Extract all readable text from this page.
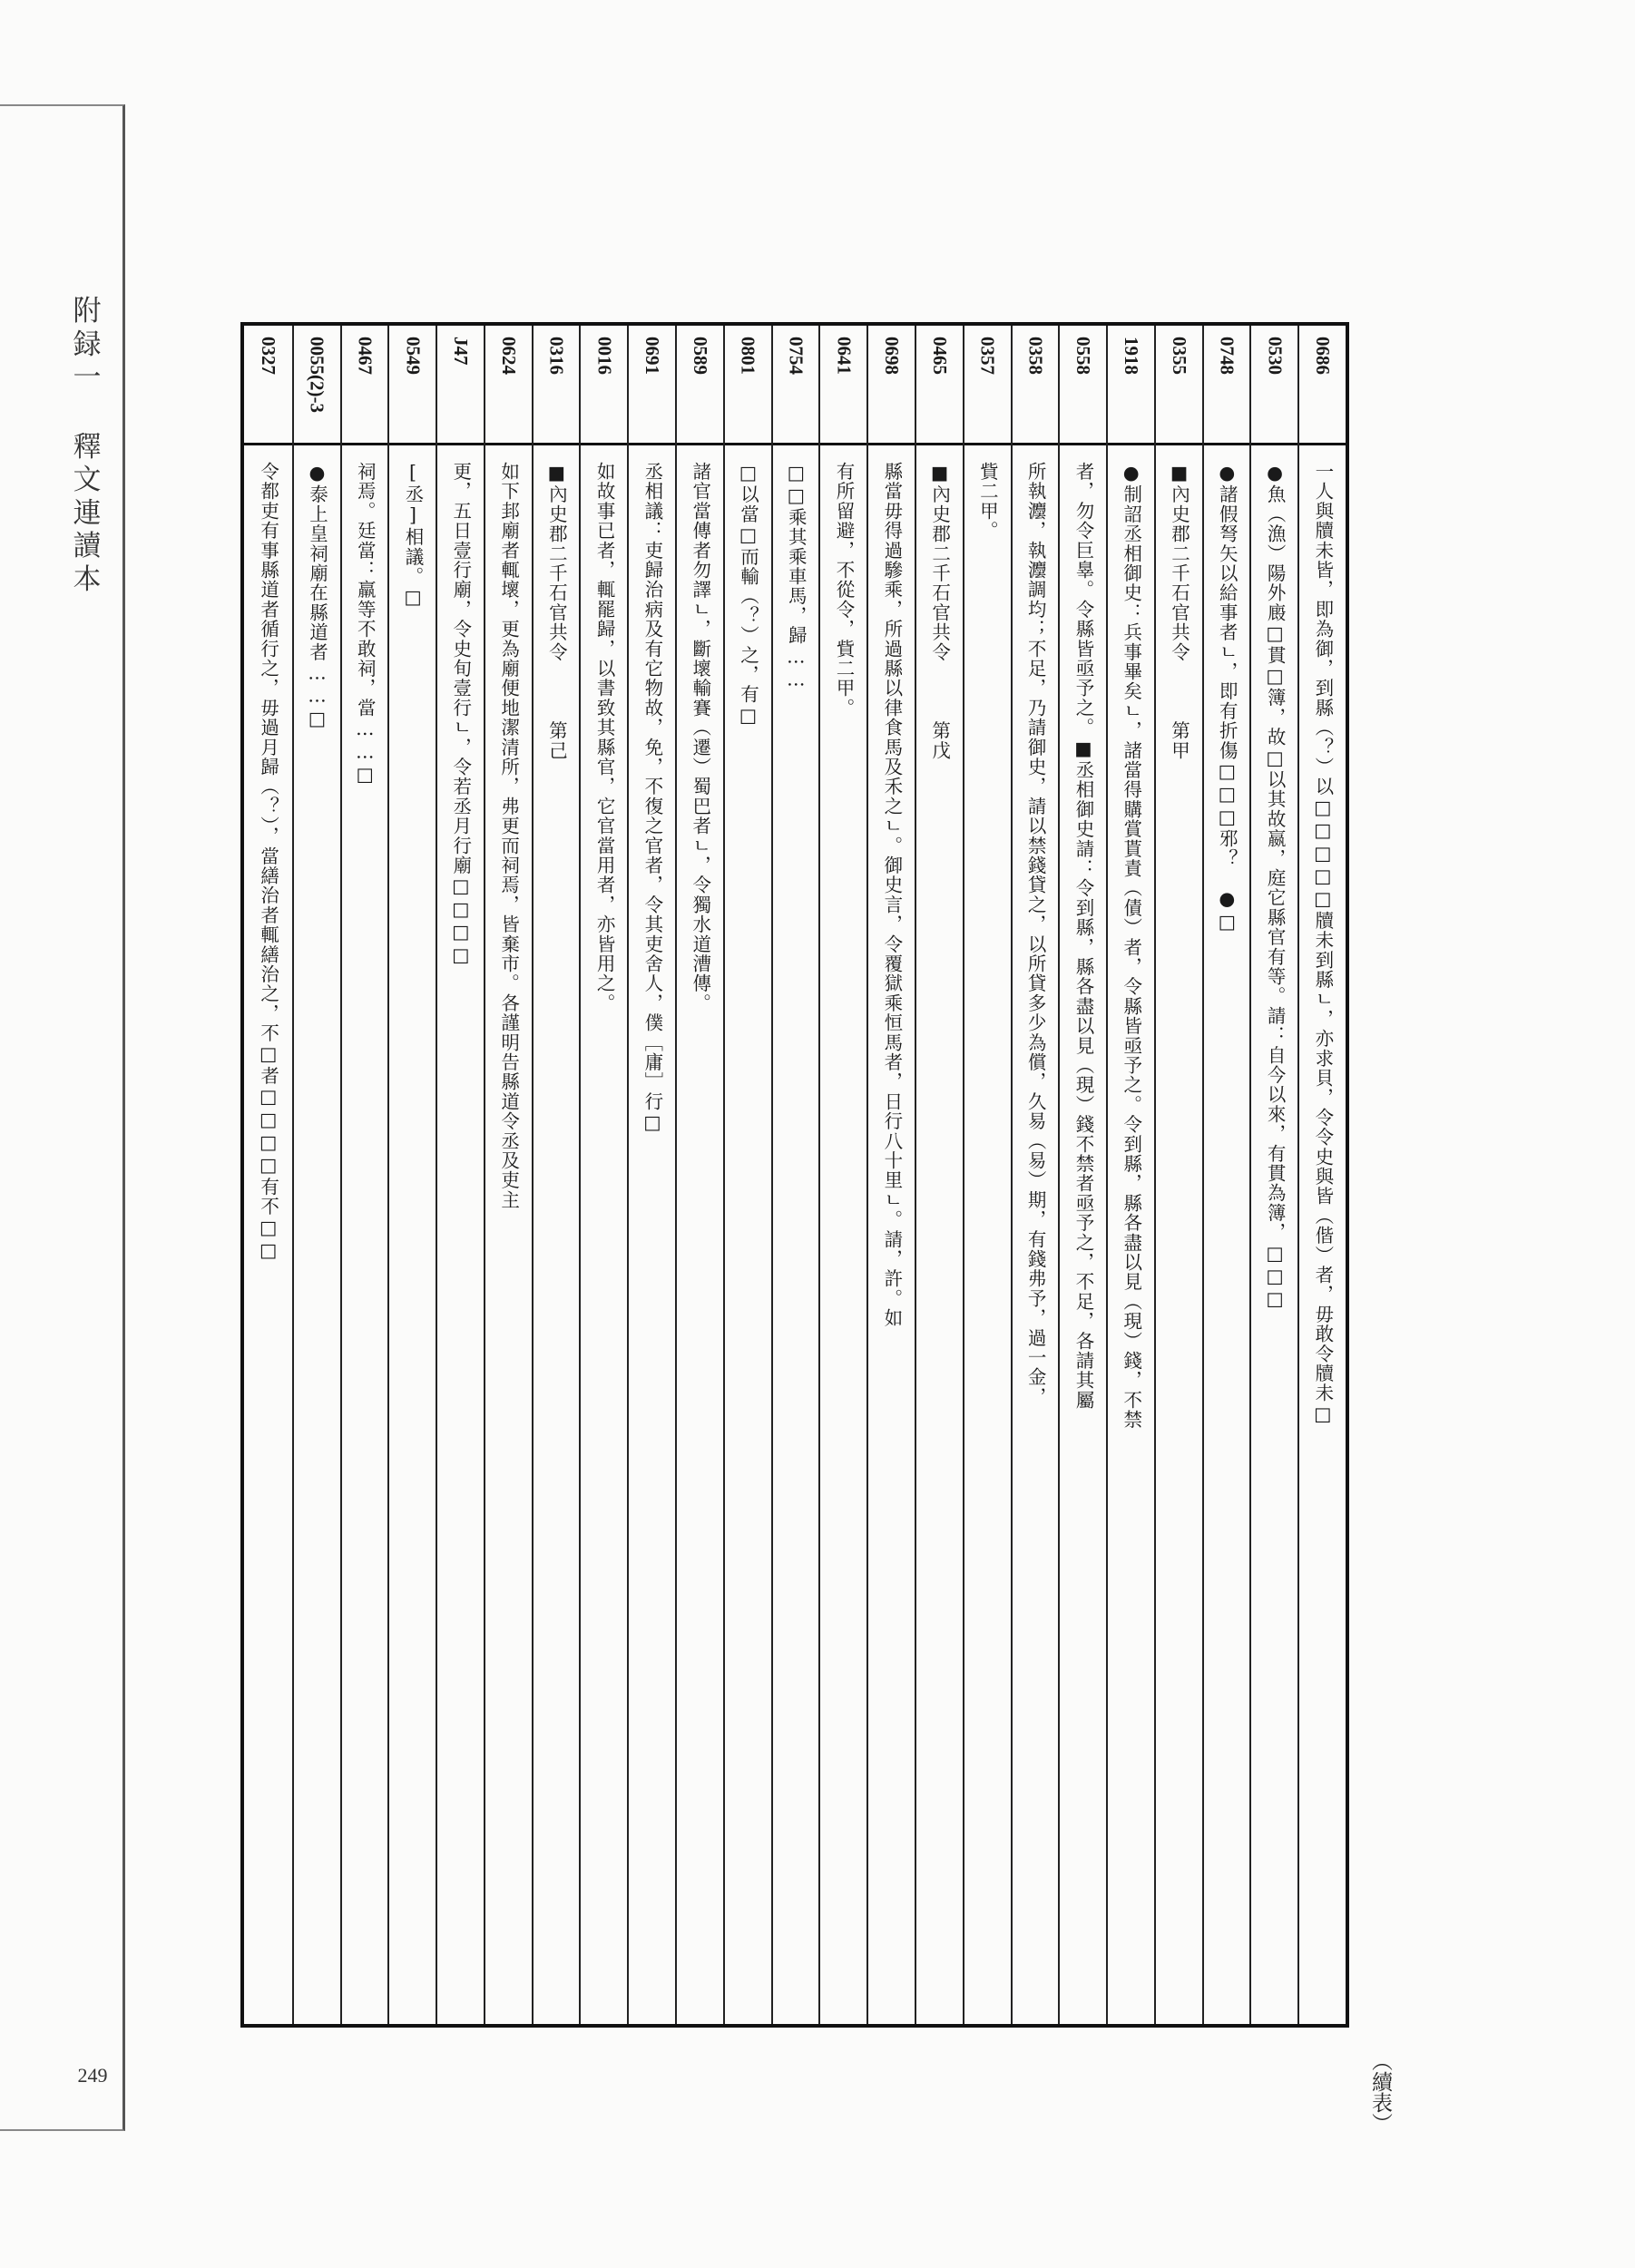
附
録
一
釋
文
連
讀
本
249	（續表）
0686
一人與牘未皆，即為御，到縣（？）以□□□□□牘未到縣ㄴ，亦求貝，令令史與皆（偕）者，毋敢令牘未□
0530
●魚（漁）陽外廄□貫□簿，故□以其故嬴，庭它縣官有等。請：自今以來，有貫為簿，□□□
0748
●諸假弩矢以給事者ㄴ，即有折傷□□□邪？　●□
0355
■內史郡二千石官共令　　　第甲
1918
●制詔丞相御史：兵事畢矣ㄴ，諸當得購賞貰責（債）者，令縣皆亟予之。令到縣，縣各盡以見（現）錢，不禁
0558
者，勿令巨辠。令縣皆亟予之。■丞相御史請：令到縣，縣各盡以見（現）錢不禁者亟予之，不足，各請其屬
0358
所執灋，執灋調均；不足，乃請御史，請以禁錢貸之，以所貸多少為償，久易（易）期，有錢弗予，過一金，
0357
貲二甲。
0465
■內史郡二千石官共令　　　第戊
0698
縣當毋得過驂乘，所過縣以律食馬及禾之ㄴ。御史言，令覆獄乘恒馬者，日行八十里ㄴ。請，許。如
0641
有所留避，不從令，貲二甲。
0754
□□乘其乘車馬，歸……
0801
□以當□而輸（？）之，有□
0589
諸官當傳者勿譯ㄴ，斷壞輸賽（遷）蜀巴者ㄴ，令獨水道漕傳。
0691
丞相議：吏歸治病及有它物故，免，不復之官者，令其吏舍人，僕［庸］行□
0016
如故事已者，輒罷歸，以書致其縣官，它官當用者，亦皆用之。
0316
■內史郡二千石官共令　　　第己
0624
如下邽廟者輒壞，更為廟便地潔清所，弗更而祠焉，皆棄市。各謹明告縣道令丞及吏主
J47
更，五日壹行廟，令史旬壹行ㄴ，令若丞月行廟□□□□
0549
[丞]相議。□
0467
祠焉。廷當：羸等不敢祠，當……□
0055(2)-3
●泰上皇祠廟在縣道者……□
0327
令都吏有事縣道者循行之，毋過月歸（？），當繕治者輒繕治之，不□者□□□□有不□□
